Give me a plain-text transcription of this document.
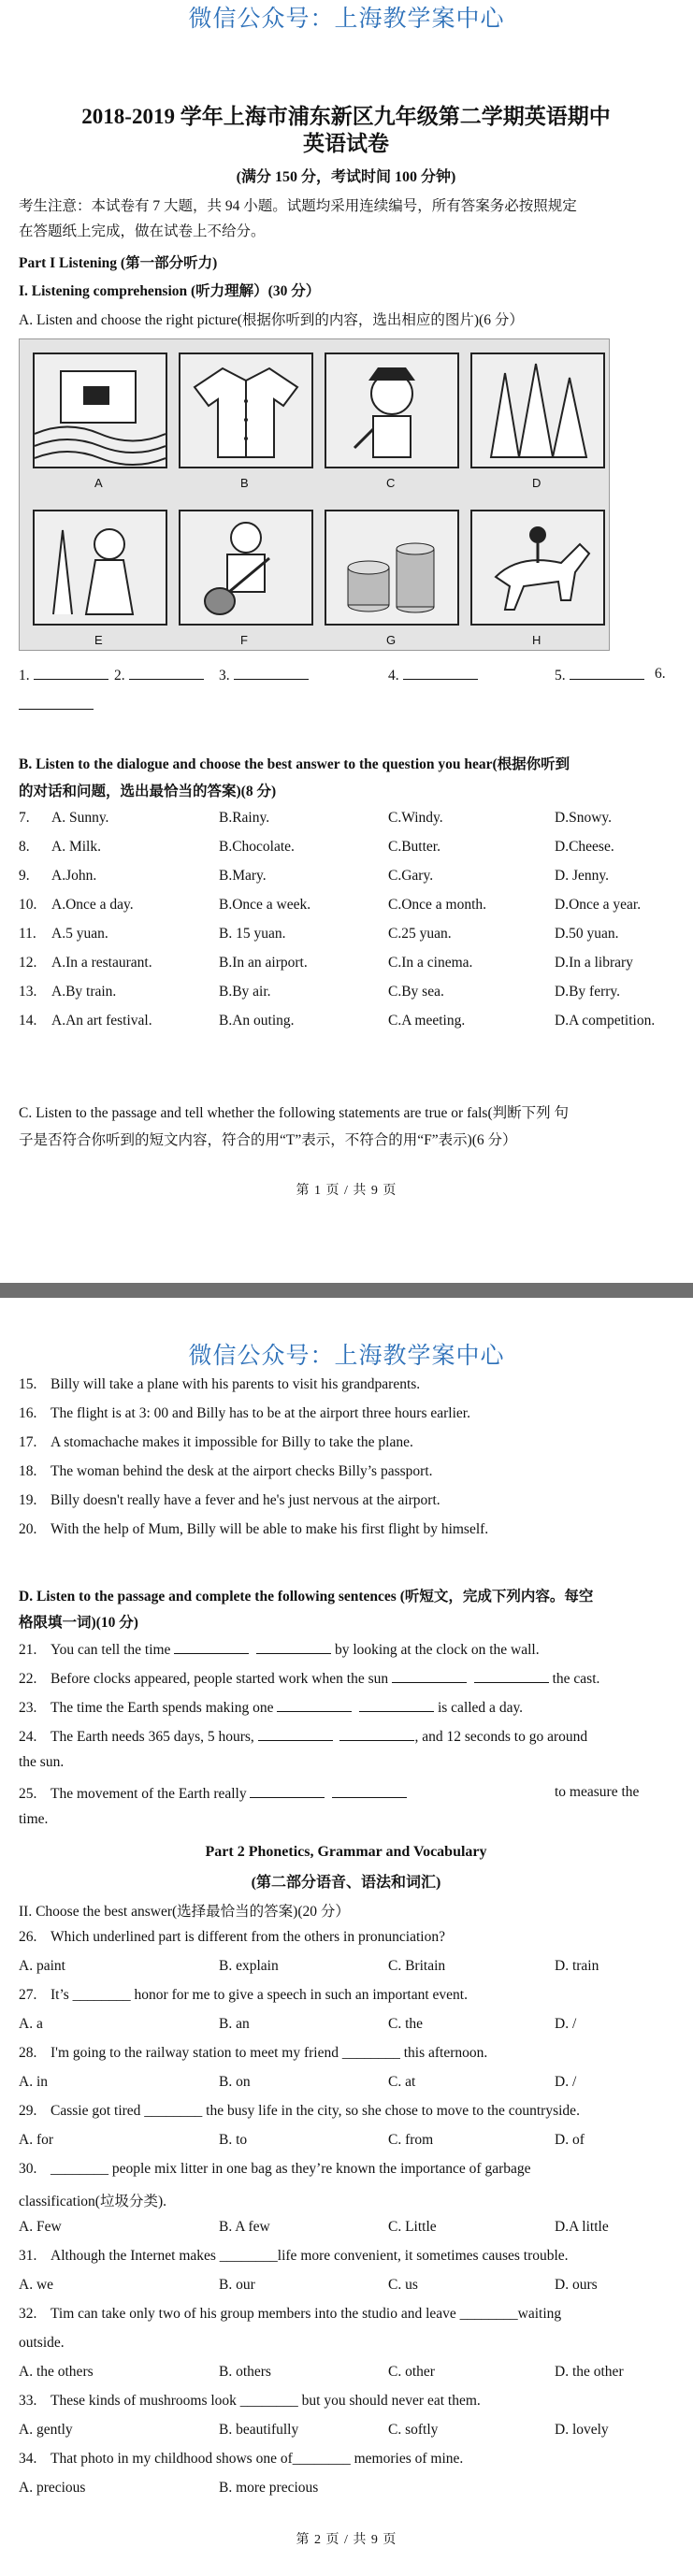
微信公众号：上海教学案中心
2018-2019 学年上海市浦东新区九年级第二学期英语期中
英语试卷
(满分 150 分，考试时间 100 分钟)
考生注意：本试卷有 7 大题，共 94 小题。试题均采用连续编号，所有答案务必按照规定
在答题纸上完成，做在试卷上不给分。
Part I Listening (第一部分听力)
I. Listening comprehension (听力理解）(30 分）
A. Listen and choose the right picture(根据你听到的内容，选出相应的图片)(6 分）
A	B	C	D
E	F	G	H
1.	2.	3.	4.	5.	6.
B. Listen to the dialogue and choose the best answer to the question you hear(根据你听到
的对话和问题，选出最恰当的答案)(8 分)
7. A. Sunny.	B.Rainy.	C.Windy.	D.Snowy.
8. A. Milk.	B.Chocolate.	C.Butter.	D.Cheese.
9. A.John.	B.Mary.	C.Gary.	D. Jenny.
10. A.Once a day.	B.Once a week.	C.Once a month.	D.Once a year.
11. A.5 yuan.	B. 15 yuan.	C.25 yuan.	D.50 yuan.
12. A.In a restaurant.	B.In an airport.	C.In a cinema.	D.In a library
13. A.By train.	B.By air.	C.By sea.	D.By ferry.
14. A.An art festival.	B.An outing.	C.A meeting.	D.A competition.
C. Listen to the passage and tell whether the following statements are true or fals(判断下列 句
子是否符合你听到的短文内容，符合的用“T”表示，不符合的用“F”表示)(6 分）
第 1 页 / 共 9 页
微信公众号：上海教学案中心
15. Billy will take a plane with his parents to visit his grandparents.
16. The flight is at 3: 00 and Billy has to be at the airport three hours earlier.
17. A stomachache makes it impossible for Billy to take the plane.
18. The woman behind the desk at the airport checks Billy’s passport.
19. Billy doesn't really have a fever and he's just nervous at the airport.
20. With the help of Mum, Billy will be able to make his first flight by himself.
D. Listen to the passage and complete the following sentences (听短文，完成下列内容。每空
格限填一词)(10 分)
21. You can tell the time	by looking at the clock on the wall.
22. Before clocks appeared, people started work when the sun	the cast.
23. The time the Earth spends making one	is called a day.
24. The Earth needs 365 days, 5 hours,	, and 12 seconds to go around
the sun.
25. The movement of the Earth really	to measure the
time.
Part 2 Phonetics, Grammar and Vocabulary
(第二部分语音、语法和词汇)
II. Choose the best answer(选择最恰当的答案)(20 分）
26. Which underlined part is different from the others in pronunciation?
A. paint	B. explain	C. Britain	D. train
27. It’s ________ honor for me to give a speech in such an important event.
A. a	B. an	C. the	D. /
28. I'm going to the railway station to meet my friend ________ this afternoon.
A. in	B. on	C. at	D. /
29. Cassie got tired ________ the busy life in the city, so she chose to move to the countryside.
A. for	B. to	C. from	D. of
30. ________ people mix litter in one bag as they’re known the importance of garbage
classification(垃圾分类).
A. Few	B. A few	C. Little	D.A little
31. Although the Internet makes ________life more convenient, it sometimes causes trouble.
A. we	B. our	C. us	D. ours
32. Tim can take only two of his group members into the studio and leave ________waiting
outside.
A. the others	B. others	C. other	D. the other
33. These kinds of mushrooms look ________ but you should never eat them.
A. gently	B. beautifully	C. softly	D. lovely
34. That photo in my childhood shows one of________ memories of mine.
A. precious	B. more precious
第 2 页 / 共 9 页
